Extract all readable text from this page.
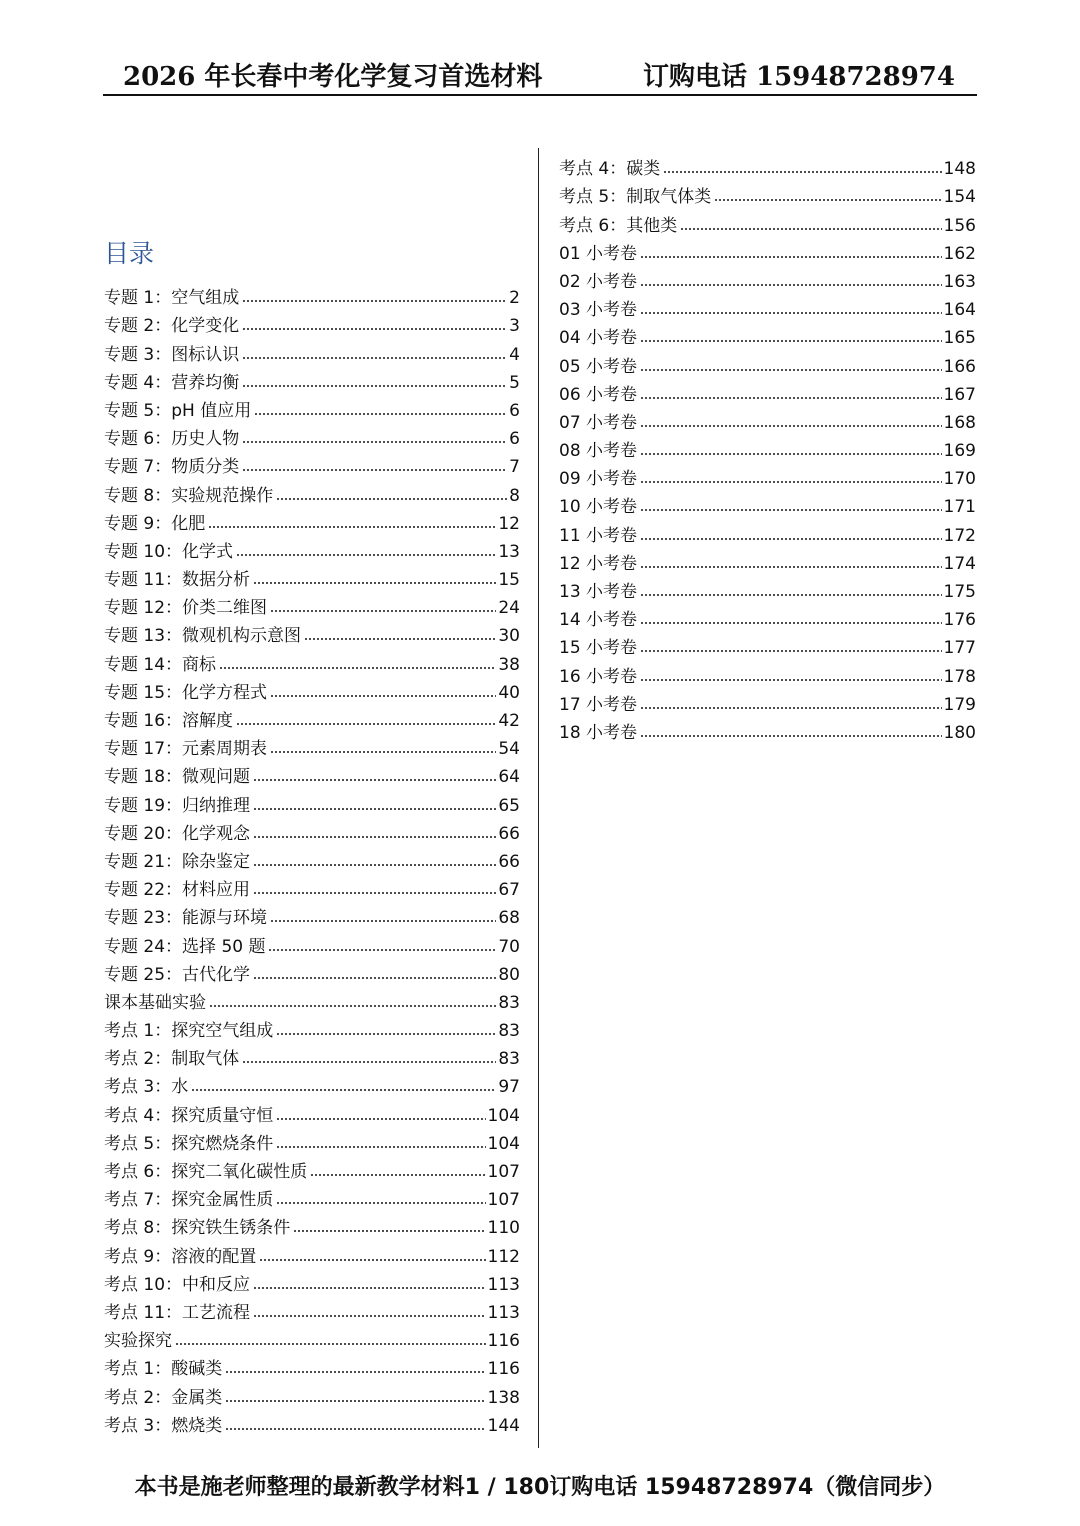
2026 年长春中考化学复习首选材料	订购电话 15948728974
目录
专题 1：空气组成	2
专题 2：化学变化	3
专题 3：图标认识	4
专题 4：营养均衡	5
专题 5：pH 值应用	6
专题 6：历史人物	6
专题 7：物质分类	7
专题 8：实验规范操作	8
专题 9：化肥	12
专题 10：化学式	13
专题 11：数据分析	15
专题 12：价类二维图	24
专题 13：微观机构示意图	30
专题 14：商标	38
专题 15：化学方程式	40
专题 16：溶解度	42
专题 17：元素周期表	54
专题 18：微观问题	64
专题 19：归纳推理	65
专题 20：化学观念	66
专题 21：除杂鉴定	66
专题 22：材料应用	67
专题 23：能源与环境	68
专题 24：选择 50 题	70
专题 25：古代化学	80
课本基础实验	83
考点 1：探究空气组成	83
考点 2：制取气体	83
考点 3：水	97
考点 4：探究质量守恒	104
考点 5：探究燃烧条件	104
考点 6：探究二氧化碳性质	107
考点 7：探究金属性质	107
考点 8：探究铁生锈条件	110
考点 9：溶液的配置	112
考点 10：中和反应	113
考点 11：工艺流程	113
实验探究	116
考点 1：酸碱类	116
考点 2：金属类	138
考点 3：燃烧类	144
考点 4：碳类	148
考点 5：制取气体类	154
考点 6：其他类	156
01 小考卷	162
02 小考卷	163
03 小考卷	164
04 小考卷	165
05 小考卷	166
06 小考卷	167
07 小考卷	168
08 小考卷	169
09 小考卷	170
10 小考卷	171
11 小考卷	172
12 小考卷	174
13 小考卷	175
14 小考卷	176
15 小考卷	177
16 小考卷	178
17 小考卷	179
18 小考卷	180
本书是施老师整理的最新教学材料1 / 180订购电话 15948728974（微信同步）
